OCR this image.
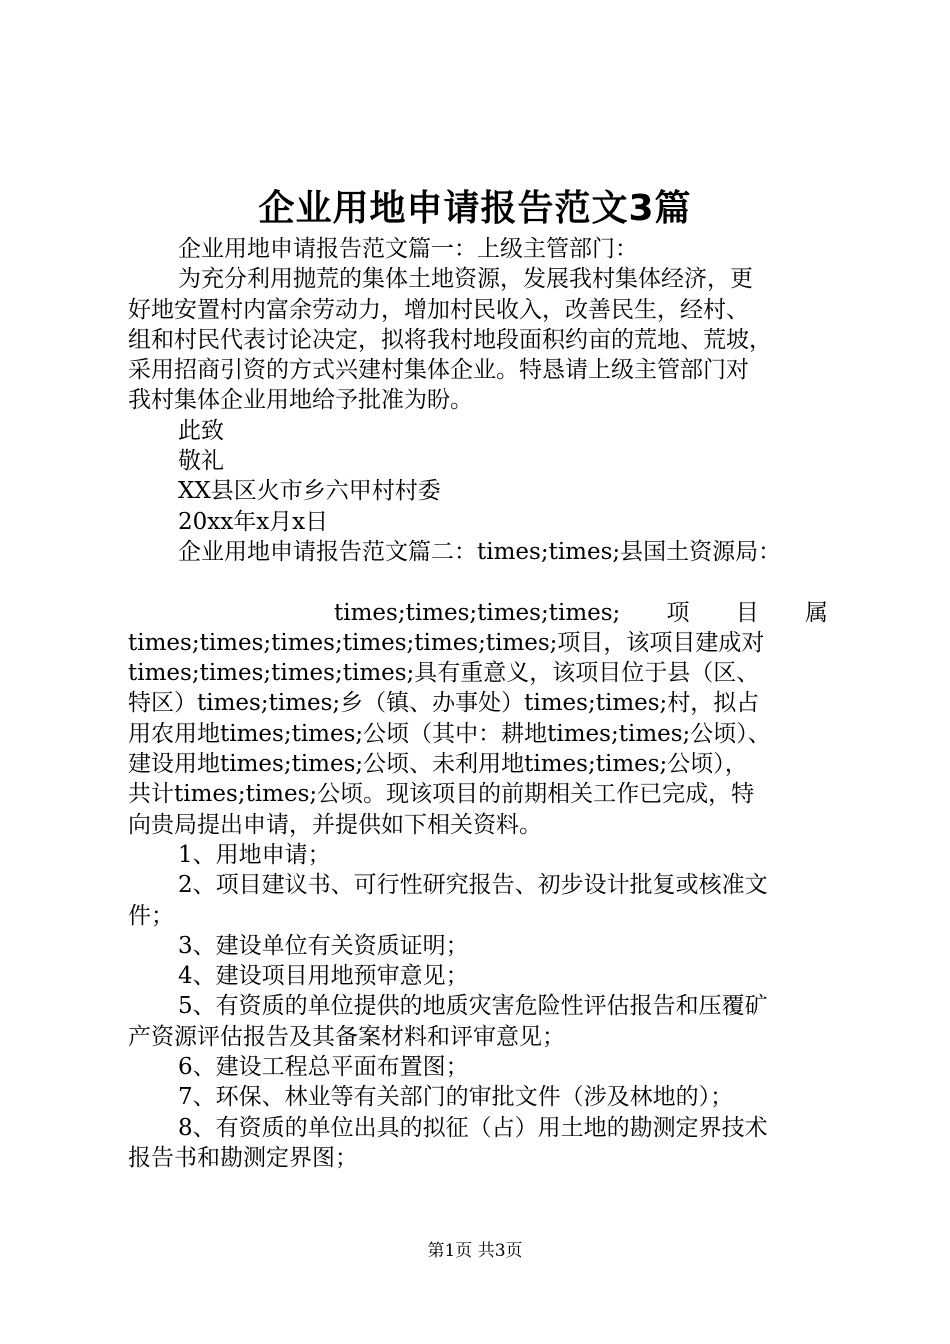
企业用地申请报告范文3篇
企业用地申请报告范文篇一：上级主管部门：
为充分利用抛荒的集体土地资源，发展我村集体经济，更
好地安置村内富余劳动力，增加村民收入，改善民生，经村、
组和村民代表讨论决定，拟将我村地段面积约亩的荒地、荒坡，
采用招商引资的方式兴建村集体企业。特恳请上级主管部门对
我村集体企业用地给予批准为盼。
此致
敬礼
XX县区火市乡六甲村村委
20xx年x月x日
企业用地申请报告范文篇二：times;times;县国土资源局：
times;times;times;times; 项 目 属
times;times;times;times;times;times;项目，该项目建成对
times;times;times;times;具有重意义，该项目位于县（区、
特区）times;times;乡（镇、办事处）times;times;村，拟占
用农用地times;times;公顷（其中：耕地times;times;公顷）、
建设用地times;times;公顷、未利用地times;times;公顷），
共计times;times;公顷。现该项目的前期相关工作已完成，特
向贵局提出申请，并提供如下相关资料。
1、用地申请；
2、项目建议书、可行性研究报告、初步设计批复或核准文
件；
3、建设单位有关资质证明；
4、建设项目用地预审意见；
5、有资质的单位提供的地质灾害危险性评估报告和压覆矿
产资源评估报告及其备案材料和评审意见；
6、建设工程总平面布置图；
7、环保、林业等有关部门的审批文件（涉及林地的）；
8、有资质的单位出具的拟征（占）用土地的勘测定界技术
报告书和勘测定界图；
第1页 共3页
